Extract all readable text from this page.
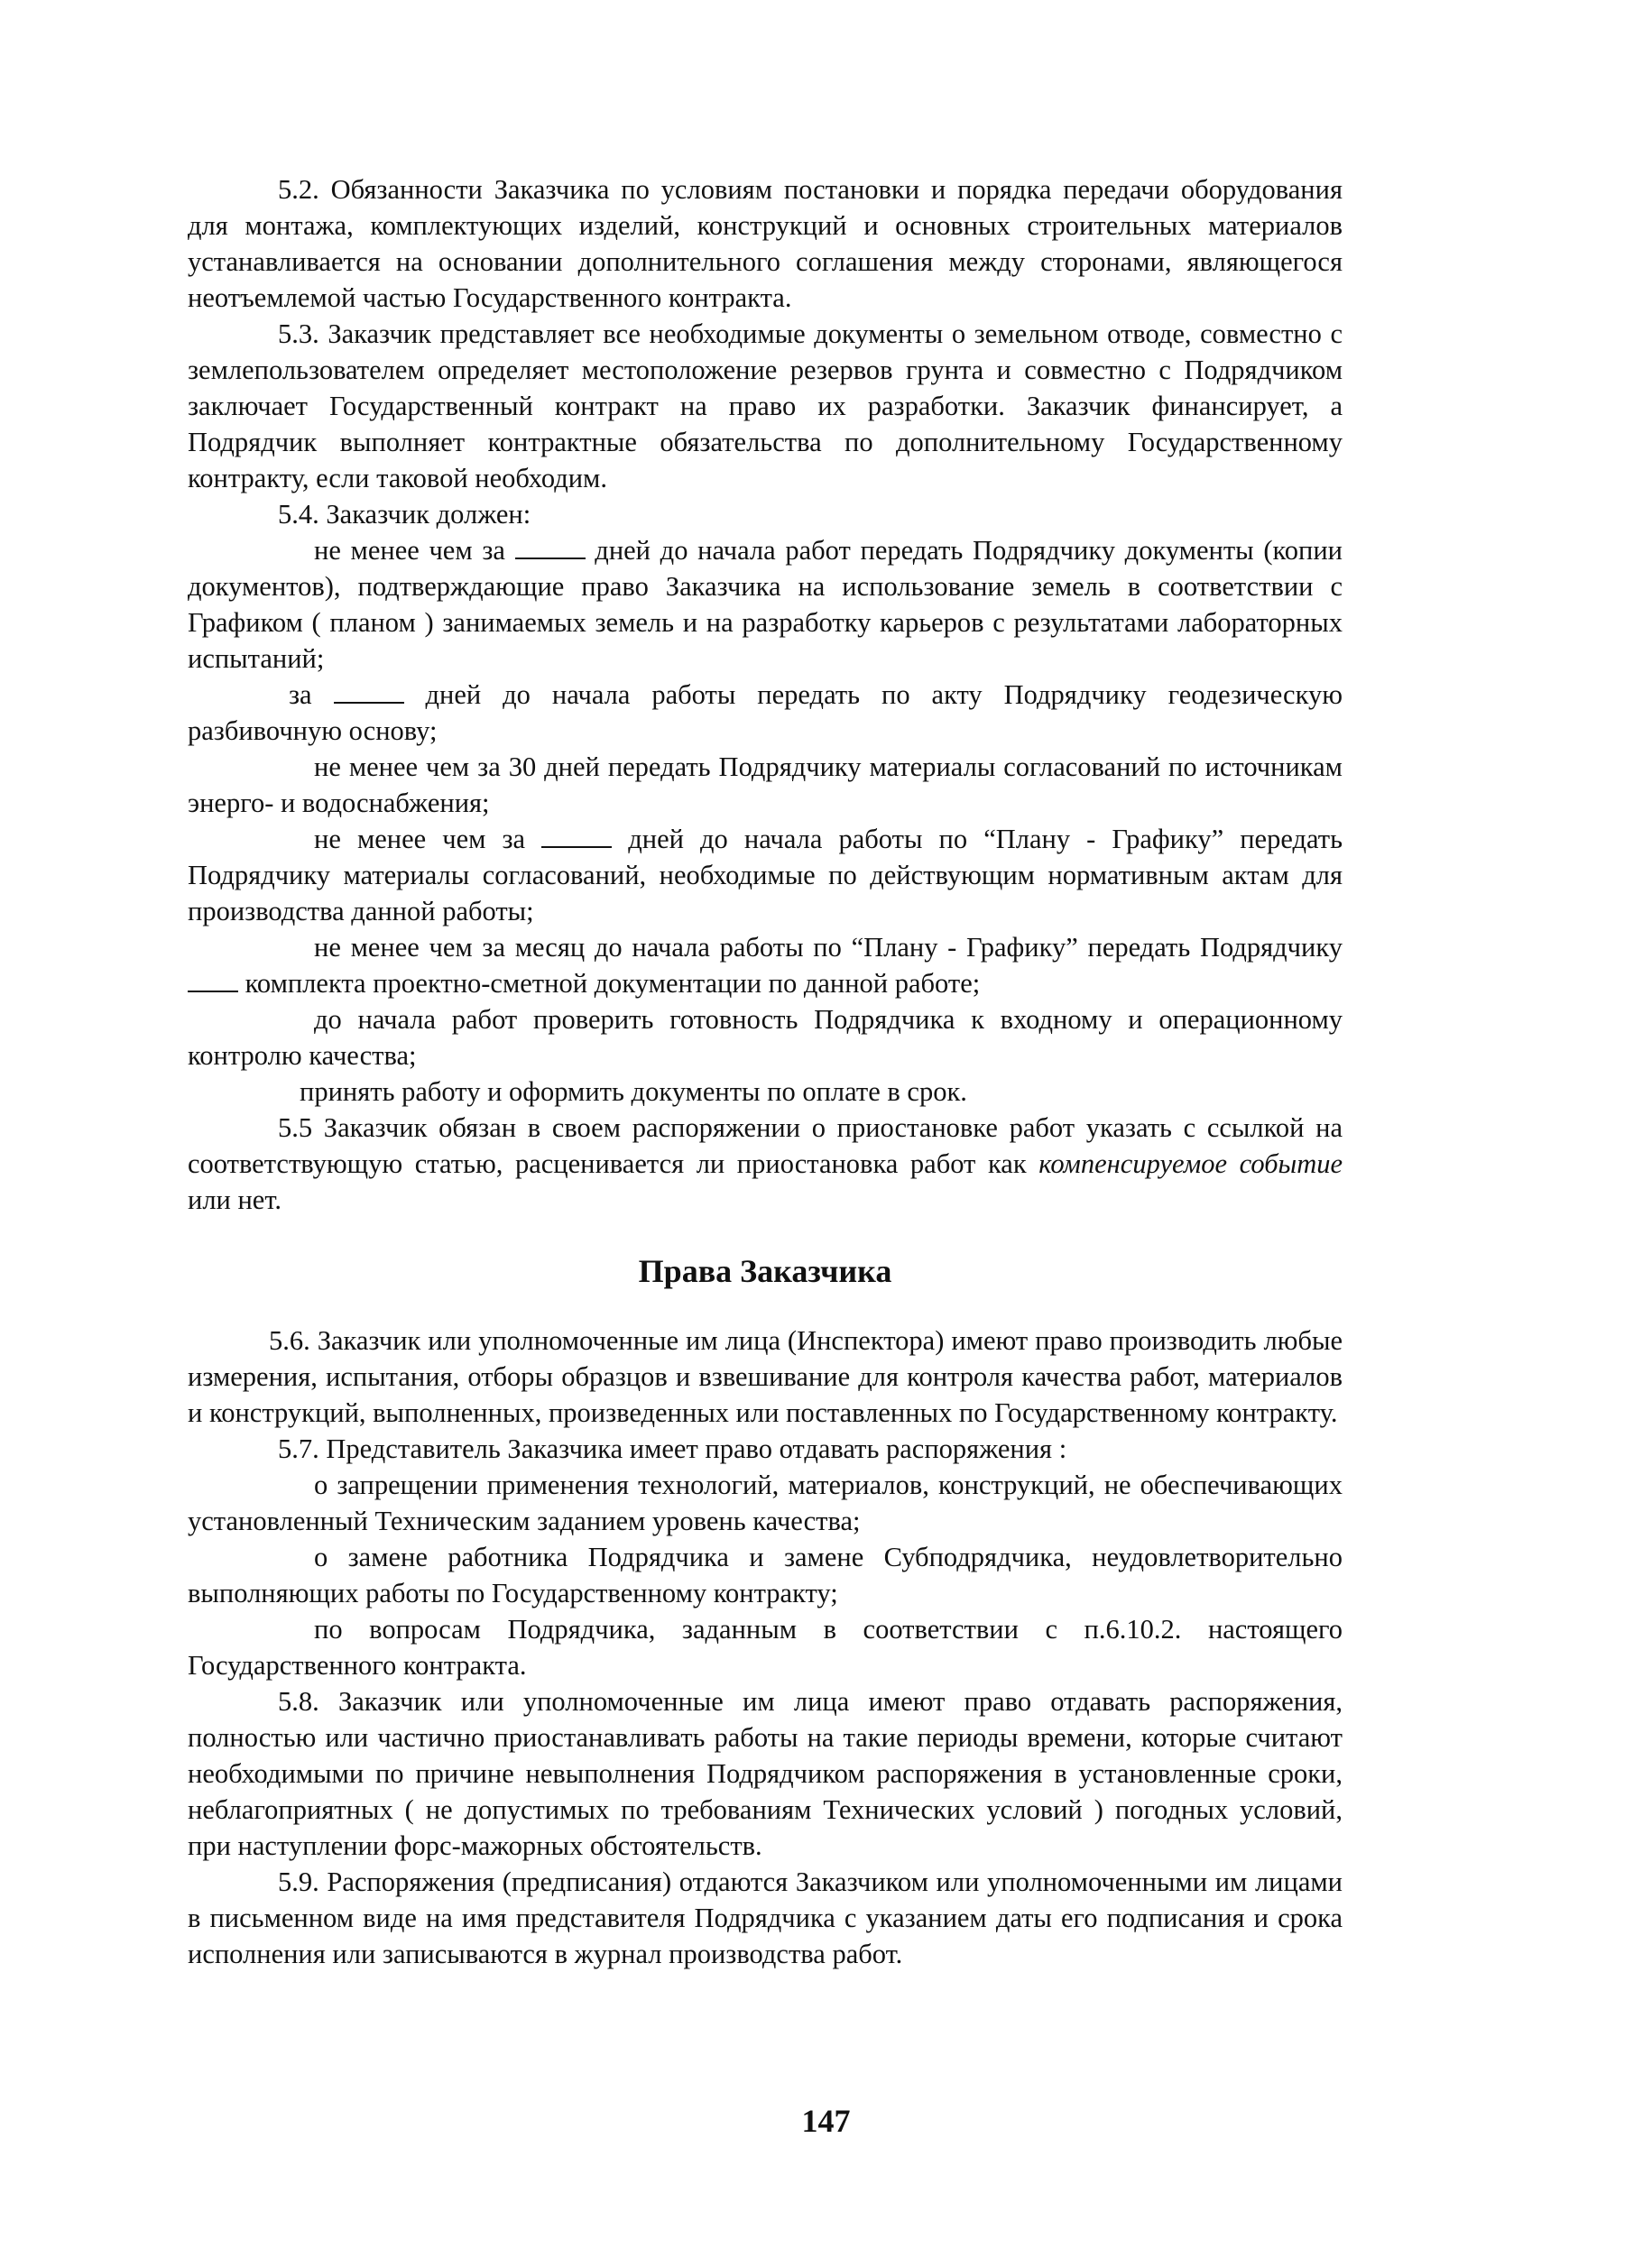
5.2. Обязанности Заказчика по условиям постановки и порядка передачи оборудования для монтажа, комплектующих изделий, конструкций и основных строительных материалов устанавливается на основании дополнительного соглашения между сторонами, являющегося неотъемлемой частью Государственного контракта.

5.3. Заказчик представляет все необходимые документы о земельном отводе, совместно с землепользователем определяет местоположение резервов грунта и совместно с Подрядчиком заключает Государственный контракт на право их разработки. Заказчик финансирует, а Подрядчик выполняет контрактные обязательства по дополнительному Государственному контракту, если таковой необходим.

5.4. Заказчик должен:

не менее чем за	дней до начала работ передать Подрядчику документы (копии документов), подтверждающие право Заказчика на использование земель в соответствии с Графиком ( планом ) занимаемых земель и на разработку карьеров с результатами лабораторных испытаний;

за	дней до начала работы передать по акту Подрядчику геодезическую разбивочную основу;

не менее чем за 30 дней передать Подрядчику материалы согласований по источникам энерго- и водоснабжения;

не менее чем за	дней до начала работы по “Плану - Графику” передать Подрядчику материалы согласований, необходимые по действующим нормативным актам для производства данной работы;

не менее чем за месяц до начала работы по “Плану - Графику” передать Подрядчику  комплекта проектно-сметной документации по данной работе;

до начала работ проверить готовность Подрядчика к входному и операционному контролю качества;

принять работу и оформить документы по оплате в срок.

5.5 Заказчик обязан в своем распоряжении о приостановке работ указать с ссылкой на соответствующую статью, расценивается ли приостановка работ как компенсируемое событие или нет.

Права Заказчика

5.6. Заказчик или уполномоченные им лица (Инспектора) имеют право производить любые измерения, испытания, отборы образцов и взвешивание для контроля качества работ, материалов и конструкций, выполненных, произведенных или поставленных по Государственному контракту.

5.7. Представитель Заказчика имеет право отдавать распоряжения :

о запрещении применения технологий, материалов, конструкций, не обеспечивающих установленный Техническим заданием уровень качества;

о замене работника Подрядчика и замене Субподрядчика, неудовлетворительно выполняющих работы по Государственному контракту;

по вопросам Подрядчика, заданным в соответствии с п.6.10.2. настоящего Государственного контракта.

5.8. Заказчик или уполномоченные им лица имеют право отдавать распоряжения, полностью или частично приостанавливать работы на такие периоды времени, которые считают необходимыми по причине невыполнения Подрядчиком распоряжения в установленные сроки, неблагоприятных ( не допустимых по требованиям Технических условий ) погодных условий, при наступлении форс-мажорных обстоятельств.

5.9. Распоряжения (предписания) отдаются Заказчиком или уполномоченными им лицами в письменном виде на имя представителя Подрядчика с указанием даты его подписания и срока исполнения или записываются в журнал производства работ.

147
